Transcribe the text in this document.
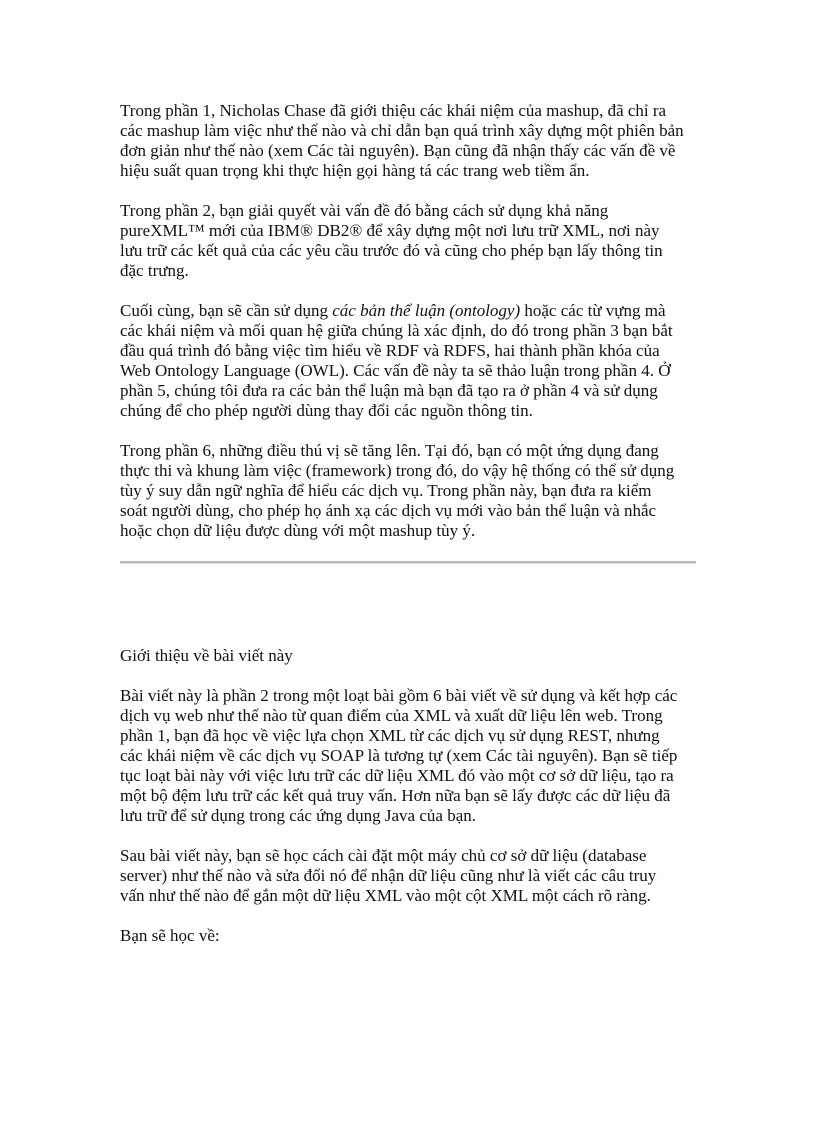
Trong phần 1, Nicholas Chase đã giới thiệu các khái niệm của mashup, đã chỉ ra
các mashup làm việc như thế nào và chỉ dẫn bạn quá trình xây dựng một phiên bản
đơn giản như thế nào (xem Các tài nguyên). Bạn cũng đã nhận thấy các vấn đề về
hiệu suất quan trọng khi thực hiện gọi hàng tá các trang web tiềm ẩn.

Trong phần 2, bạn giải quyết vài vấn đề đó bằng cách sử dụng khả năng
pureXML™ mới của IBM® DB2® để xây dựng một nơi lưu trữ XML, nơi này
lưu trữ các kết quả của các yêu cầu trước đó và cũng cho phép bạn lấy thông tin
đặc trưng.

Cuối cùng, bạn sẽ cần sử dụng các bản thể luận (ontology) hoặc các từ vựng mà
các khái niệm và mối quan hệ giữa chúng là xác định, do đó trong phần 3 bạn bắt
đầu quá trình đó bằng việc tìm hiểu về RDF và RDFS, hai thành phần khóa của
Web Ontology Language (OWL). Các vấn đề này ta sẽ thảo luận trong phần 4. Ở
phần 5, chúng tôi đưa ra các bản thể luận mà bạn đã tạo ra ở phần 4 và sử dụng
chúng để cho phép người dùng thay đổi các nguồn thông tin.

Trong phần 6, những điều thú vị sẽ tăng lên. Tại đó, bạn có một ứng dụng đang
thực thi và khung làm việc (framework) trong đó, do vậy hệ thống có thể sử dụng
tùy ý suy dẫn ngữ nghĩa để hiểu các dịch vụ. Trong phần này, bạn đưa ra kiểm
soát người dùng, cho phép họ ánh xạ các dịch vụ mới vào bản thể luận và nhắc
hoặc chọn dữ liệu được dùng với một mashup tùy ý.

Giới thiệu về bài viết này

Bài viết này là phần 2 trong một loạt bài gồm 6 bài viết về sử dụng và kết hợp các
dịch vụ web như thế nào từ quan điểm của XML và xuất dữ liệu lên web. Trong
phần 1, bạn đã học về việc lựa chọn XML từ các dịch vụ sử dụng REST, nhưng
các khái niệm về các dịch vụ SOAP là tương tự (xem Các tài nguyên). Bạn sẽ tiếp
tục loạt bài này với việc lưu trữ các dữ liệu XML đó vào một cơ sở dữ liệu, tạo ra
một bộ đệm lưu trữ các kết quả truy vấn. Hơn nữa bạn sẽ lấy được các dữ liệu đã
lưu trữ để sử dụng trong các ứng dụng Java của bạn.

Sau bài viết này, bạn sẽ học cách cài đặt một máy chủ cơ sở dữ liệu (database
server) như thế nào và sửa đổi nó để nhận dữ liệu cũng như là viết các câu truy
vấn như thế nào để gắn một dữ liệu XML vào một cột XML một cách rõ ràng.

Bạn sẽ học về:
